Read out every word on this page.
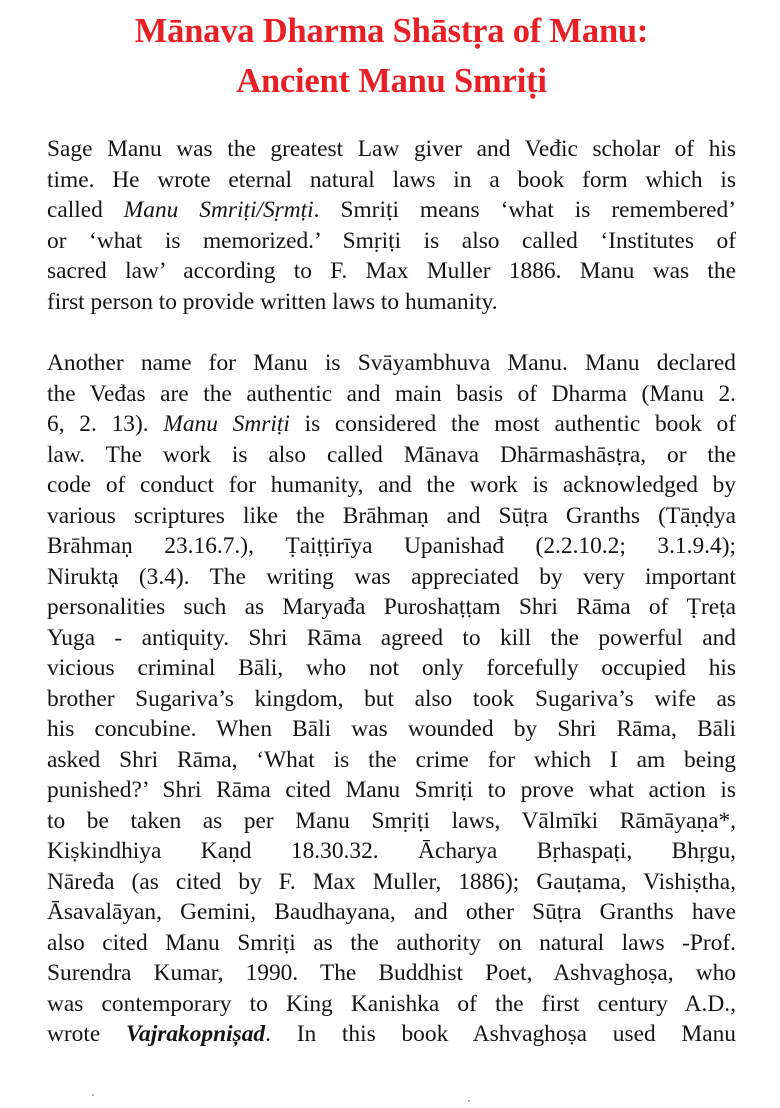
Mānava Dharma Shāstṛa of Manu:
Ancient Manu Smriṭi

Sage Manu was the greatest Law giver and Veđic scholar of his
time. He wrote eternal natural laws in a book form which is
called Manu Smriṭi/Sṛmṭi. Smriṭi means ‘what is remembered’
or ‘what is memorized.’ Smṛiṭi is also called ‘Institutes of
sacred law’ according to F. Max Muller 1886. Manu was the
first person to provide written laws to humanity.

Another name for Manu is Svāyambhuva Manu. Manu declared
the Veđas are the authentic and main basis of Dharma (Manu 2.
6, 2. 13). Manu Smriṭi is considered the most authentic book of
law. The work is also called Mānava Dhārmashāsṭra, or the
code of conduct for humanity, and the work is acknowledged by
various scriptures like the Brāhmaṇ and Sūṭra Granths (Tāṇḍya
Brāhmaṇ 23.16.7.), Ṭaiṭṭirīya Upanishađ (2.2.10.2; 3.1.9.4);
Niruktạ (3.4). The writing was appreciated by very important
personalities such as Maryađa Puroshaṭṭam Shri Rāma of Ṭreṭa
Yuga - antiquity. Shri Rāma agreed to kill the powerful and
vicious criminal Bāli, who not only forcefully occupied his
brother Sugariva’s kingdom, but also took Sugariva’s wife as
his concubine. When Bāli was wounded by Shri Rāma, Bāli
asked Shri Rāma, ‘What is the crime for which I am being
punished?’ Shri Rāma cited Manu Smriṭi to prove what action is
to be taken as per Manu Smṛiṭi laws, Vālmīki Rāmāyaṇa*,
Kiṣkindhiya Kaṇd 18.30.32. Ācharya Bṛhaspaṭi, Bhṛgu,
Nāređa (as cited by F. Max Muller, 1886); Gauṭama, Vishiṣtha,
Āsavalāyan, Gemini, Baudhayana, and other Sūṭra Granths have
also cited Manu Smriṭi as the authority on natural laws -Prof.
Surendra Kumar, 1990. The Buddhist Poet, Ashvaghoṣa, who
was contemporary to King Kanishka of the first century A.D.,
wrote Vajrakopnișad. In this book Ashvaghoṣa used Manu
